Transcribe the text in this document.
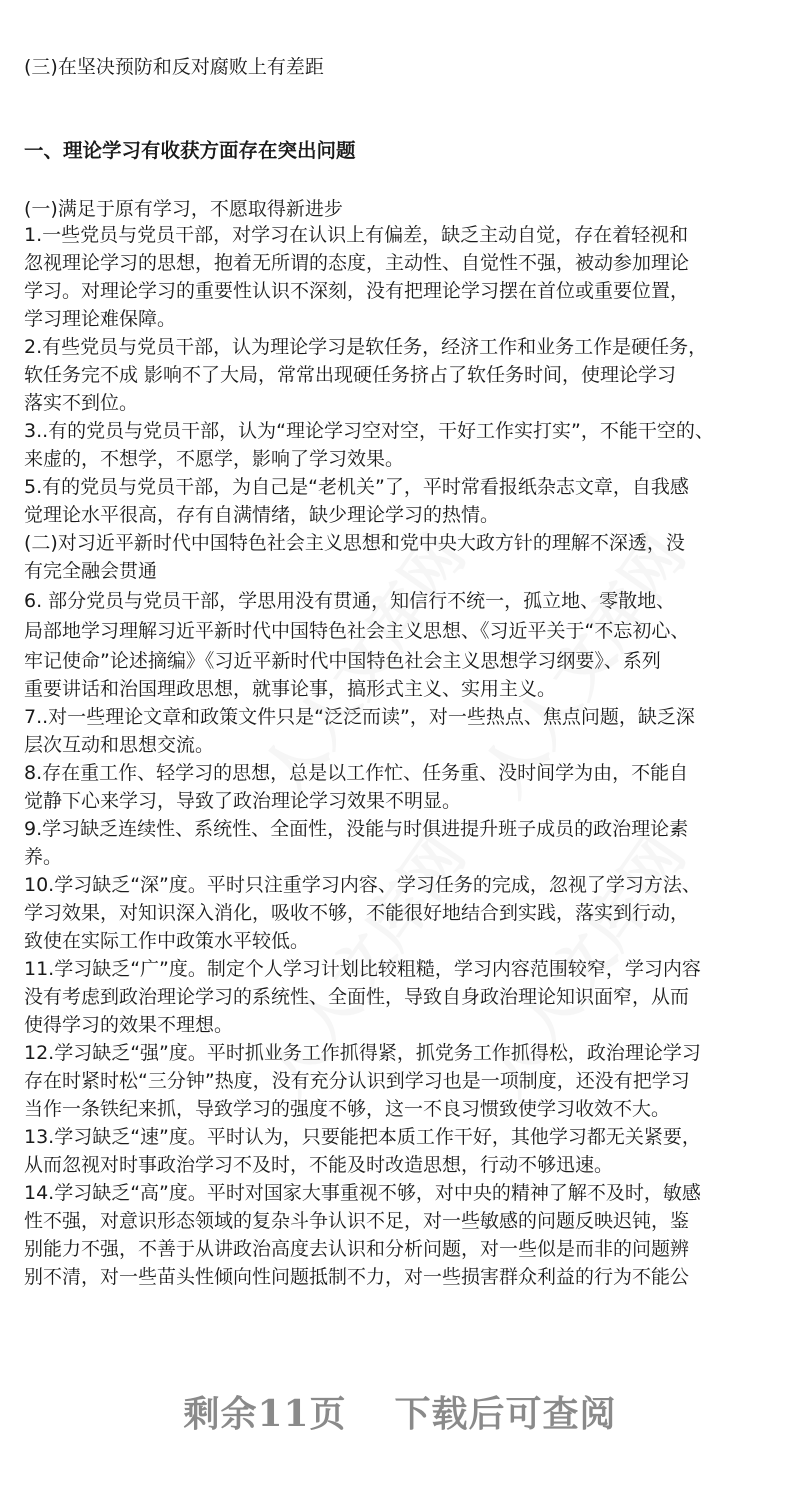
(三)在坚决预防和反对腐败上有差距
一、理论学习有收获方面存在突出问题
(一)满足于原有学习，不愿取得新进步
1.一些党员与党员干部，对学习在认识上有偏差，缺乏主动自觉，存在着轻视和
忽视理论学习的思想，抱着无所谓的态度，主动性、自觉性不强，被动参加理论
学习。对理论学习的重要性认识不深刻，没有把理论学习摆在首位或重要位置，
学习理论难保障。
2.有些党员与党员干部，认为理论学习是软任务，经济工作和业务工作是硬任务，
软任务完不成 影响不了大局，常常出现硬任务挤占了软任务时间，使理论学习
落实不到位。
3..有的党员与党员干部，认为“理论学习空对空，干好工作实打实”，不能干空的、
来虚的，不想学，不愿学，影响了学习效果。
5.有的党员与党员干部，为自己是“老机关”了，平时常看报纸杂志文章，自我感
觉理论水平很高，存有自满情绪，缺少理论学习的热情。
(二)对习近平新时代中国特色社会主义思想和党中央大政方针的理解不深透，没
有完全融会贯通
6. 部分党员与党员干部，学思用没有贯通，知信行不统一，孤立地、零散地、
局部地学习理解习近平新时代中国特色社会主义思想、《习近平关于“不忘初心、
牢记使命”论述摘编》《习近平新时代中国特色社会主义思想学习纲要》、系列
重要讲话和治国理政思想，就事论事，搞形式主义、实用主义。
7..对一些理论文章和政策文件只是“泛泛而读”，对一些热点、焦点问题，缺乏深
层次互动和思想交流。
8.存在重工作、轻学习的思想，总是以工作忙、任务重、没时间学为由，不能自
觉静下心来学习，导致了政治理论学习效果不明显。
9.学习缺乏连续性、系统性、全面性，没能与时俱进提升班子成员的政治理论素
养。
10.学习缺乏“深”度。平时只注重学习内容、学习任务的完成，忽视了学习方法、
学习效果，对知识深入消化，吸收不够，不能很好地结合到实践，落实到行动，
致使在实际工作中政策水平较低。
11.学习缺乏“广”度。制定个人学习计划比较粗糙，学习内容范围较窄，学习内容
没有考虑到政治理论学习的系统性、全面性，导致自身政治理论知识面窄，从而
使得学习的效果不理想。
12.学习缺乏“强”度。平时抓业务工作抓得紧，抓党务工作抓得松，政治理论学习
存在时紧时松“三分钟”热度，没有充分认识到学习也是一项制度，还没有把学习
当作一条铁纪来抓，导致学习的强度不够，这一不良习惯致使学习收效不大。
13.学习缺乏“速”度。平时认为，只要能把本质工作干好，其他学习都无关紧要，
从而忽视对时事政治学习不及时，不能及时改造思想，行动不够迅速。
14.学习缺乏“高”度。平时对国家大事重视不够，对中央的精神了解不及时，敏感
性不强，对意识形态领域的复杂斗争认识不足，对一些敏感的问题反映迟钝，鉴
别能力不强，不善于从讲政治高度去认识和分析问题，对一些似是而非的问题辨
别不清，对一些苗头性倾向性问题抵制不力，对一些损害群众利益的行为不能公
剩余11页 下载后可查阅
